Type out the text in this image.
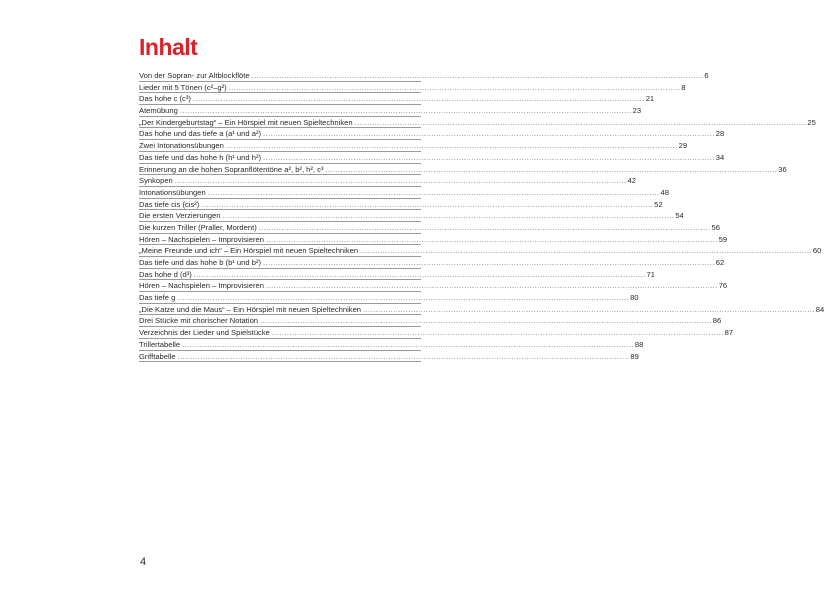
Inhalt
Von der Sopran- zur Altblockflöte .....	6
Lieder mit 5 Tönen (c²–g²) .....	8
Das hohe c (c³) .....	21
Atemübung .....	23
„Der Kindergeburtstag“ – Ein Hörspiel mit neuen Spieltechniken .....	25
Das hohe und das tiefe a (a¹ und a²) .....	28
Zwei Intonationsübungen .....	29
Das tiefe und das hohe h (h¹ und h²) .....	34
Erinnerung an die hohen Sopranflötentöne a², b², h², c³ .....	36
Synkopen .....	42
Intonationsübungen .....	48
Das tiefe cis (cis²) .....	52
Die ersten Verzierungen .....	54
Die kurzen Triller (Praller, Mordent) .....	56
Hören – Nachspielen – Improvisieren .....	59
„Meine Freunde und ich“ – Ein Hörspiel mit neuen Spieltechniken .....	60
Das tiefe und das hohe b (b¹ und b²) .....	62
Das hohe d (d³) .....	71
Hören – Nachspielen – Improvisieren .....	76
Das tiefe g .....	80
„Die Katze und die Maus“ – Ein Hörspiel mit neuen Spieltechniken .....	84
Drei Stücke mit chorischer Notation .....	86
Verzeichnis der Lieder und Spielstücke .....	87
Trillertabelle .....	88
Grifftabelle .....	89
4
